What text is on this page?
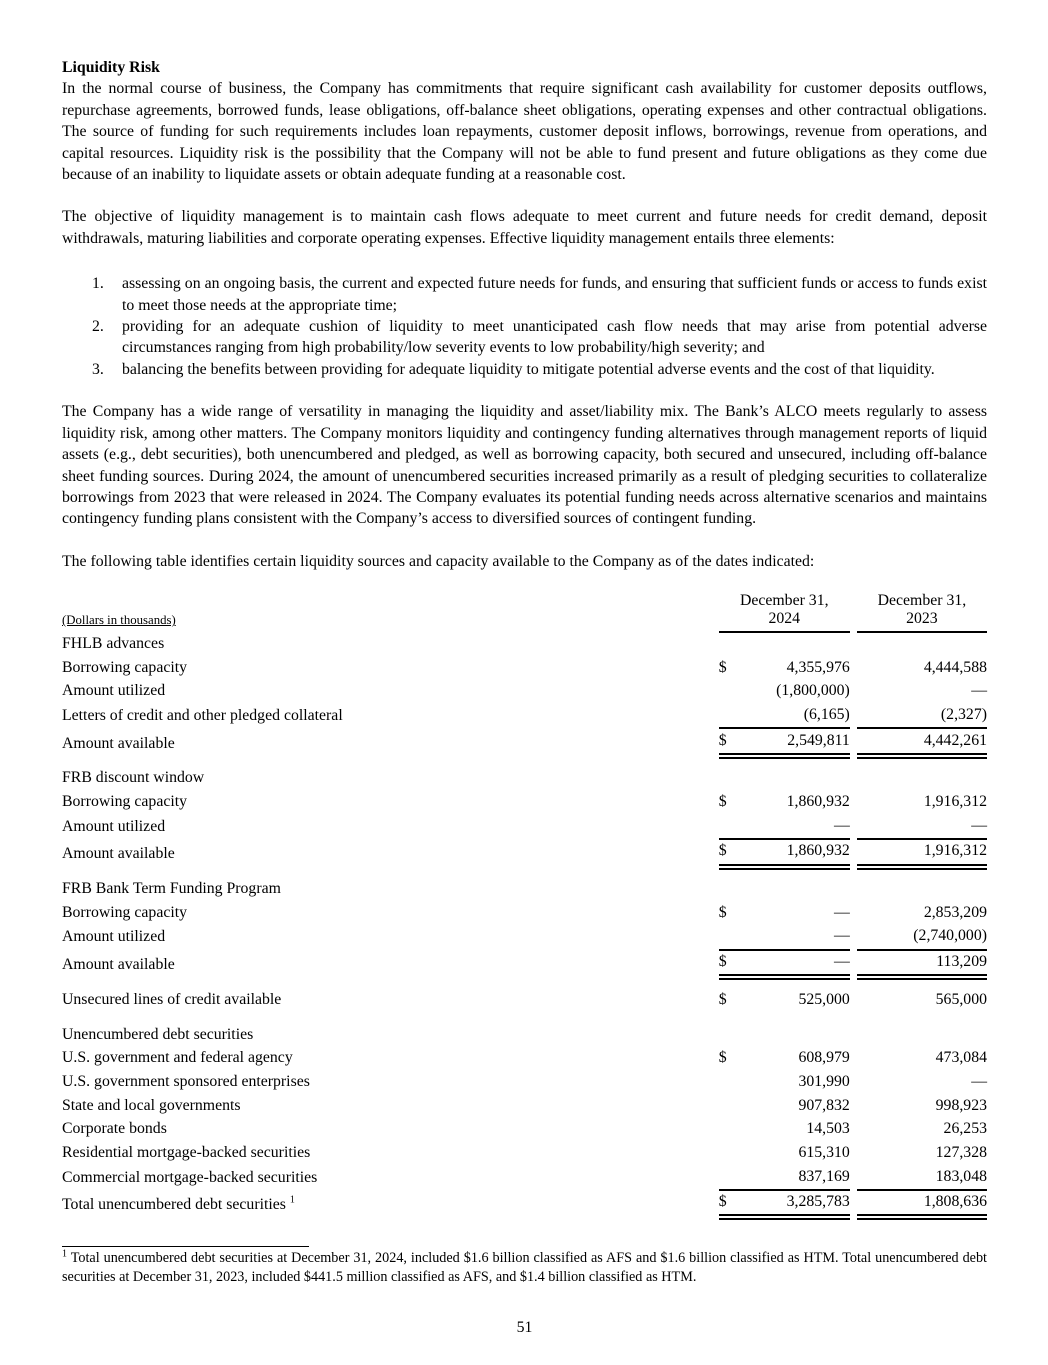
Liquidity Risk

In the normal course of business, the Company has commitments that require significant cash availability for customer deposits outflows, repurchase agreements, borrowed funds, lease obligations, off-balance sheet obligations, operating expenses and other contractual obligations. The source of funding for such requirements includes loan repayments, customer deposit inflows, borrowings, revenue from operations, and capital resources. Liquidity risk is the possibility that the Company will not be able to fund present and future obligations as they come due because of an inability to liquidate assets or obtain adequate funding at a reasonable cost.

The objective of liquidity management is to maintain cash flows adequate to meet current and future needs for credit demand, deposit withdrawals, maturing liabilities and corporate operating expenses. Effective liquidity management entails three elements:

1.	assessing on an ongoing basis, the current and expected future needs for funds, and ensuring that sufficient funds or access to funds exist to meet those needs at the appropriate time;
2.	providing for an adequate cushion of liquidity to meet unanticipated cash flow needs that may arise from potential adverse circumstances ranging from high probability/low severity events to low probability/high severity; and
3.	balancing the benefits between providing for adequate liquidity to mitigate potential adverse events and the cost of that liquidity.

The Company has a wide range of versatility in managing the liquidity and asset/liability mix. The Bank’s ALCO meets regularly to assess liquidity risk, among other matters. The Company monitors liquidity and contingency funding alternatives through management reports of liquid assets (e.g., debt securities), both unencumbered and pledged, as well as borrowing capacity, both secured and unsecured, including off-balance sheet funding sources. During 2024, the amount of unencumbered securities increased primarily as a result of pledging securities to collateralize borrowings from 2023 that were released in 2024. The Company evaluates its potential funding needs across alternative scenarios and maintains contingency funding plans consistent with the Company’s access to diversified sources of contingent funding.

The following table identifies certain liquidity sources and capacity available to the Company as of the dates indicated:

(Dollars in thousands)	December 31,
2024			December 31,
2023
FHLB advances				
Borrowing capacity	$	4,355,976		4,444,588
Amount utilized		(1,800,000)		—
Letters of credit and other pledged collateral		(6,165)		(2,327)
Amount available	$	2,549,811		4,442,261

FRB discount window				
Borrowing capacity	$	1,860,932		1,916,312
Amount utilized		—		—
Amount available	$	1,860,932		1,916,312

FRB Bank Term Funding Program				
Borrowing capacity	$	—		2,853,209
Amount utilized		—		(2,740,000)
Amount available	$	—		113,209

Unsecured lines of credit available	$	525,000		565,000

Unencumbered debt securities				
U.S. government and federal agency	$	608,979		473,084
U.S. government sponsored enterprises		301,990		—
State and local governments		907,832		998,923
Corporate bonds		14,503		26,253
Residential mortgage-backed securities		615,310		127,328
Commercial mortgage-backed securities		837,169		183,048
Total unencumbered debt securities $^1$	$	3,285,783		1,808,636

$^1$ Total unencumbered debt securities at December 31, 2024, included $1.6 billion classified as AFS and $1.6 billion classified as HTM. Total unencumbered debt securities at December 31, 2023, included $441.5 million classified as AFS, and $1.4 billion classified as HTM.

51
